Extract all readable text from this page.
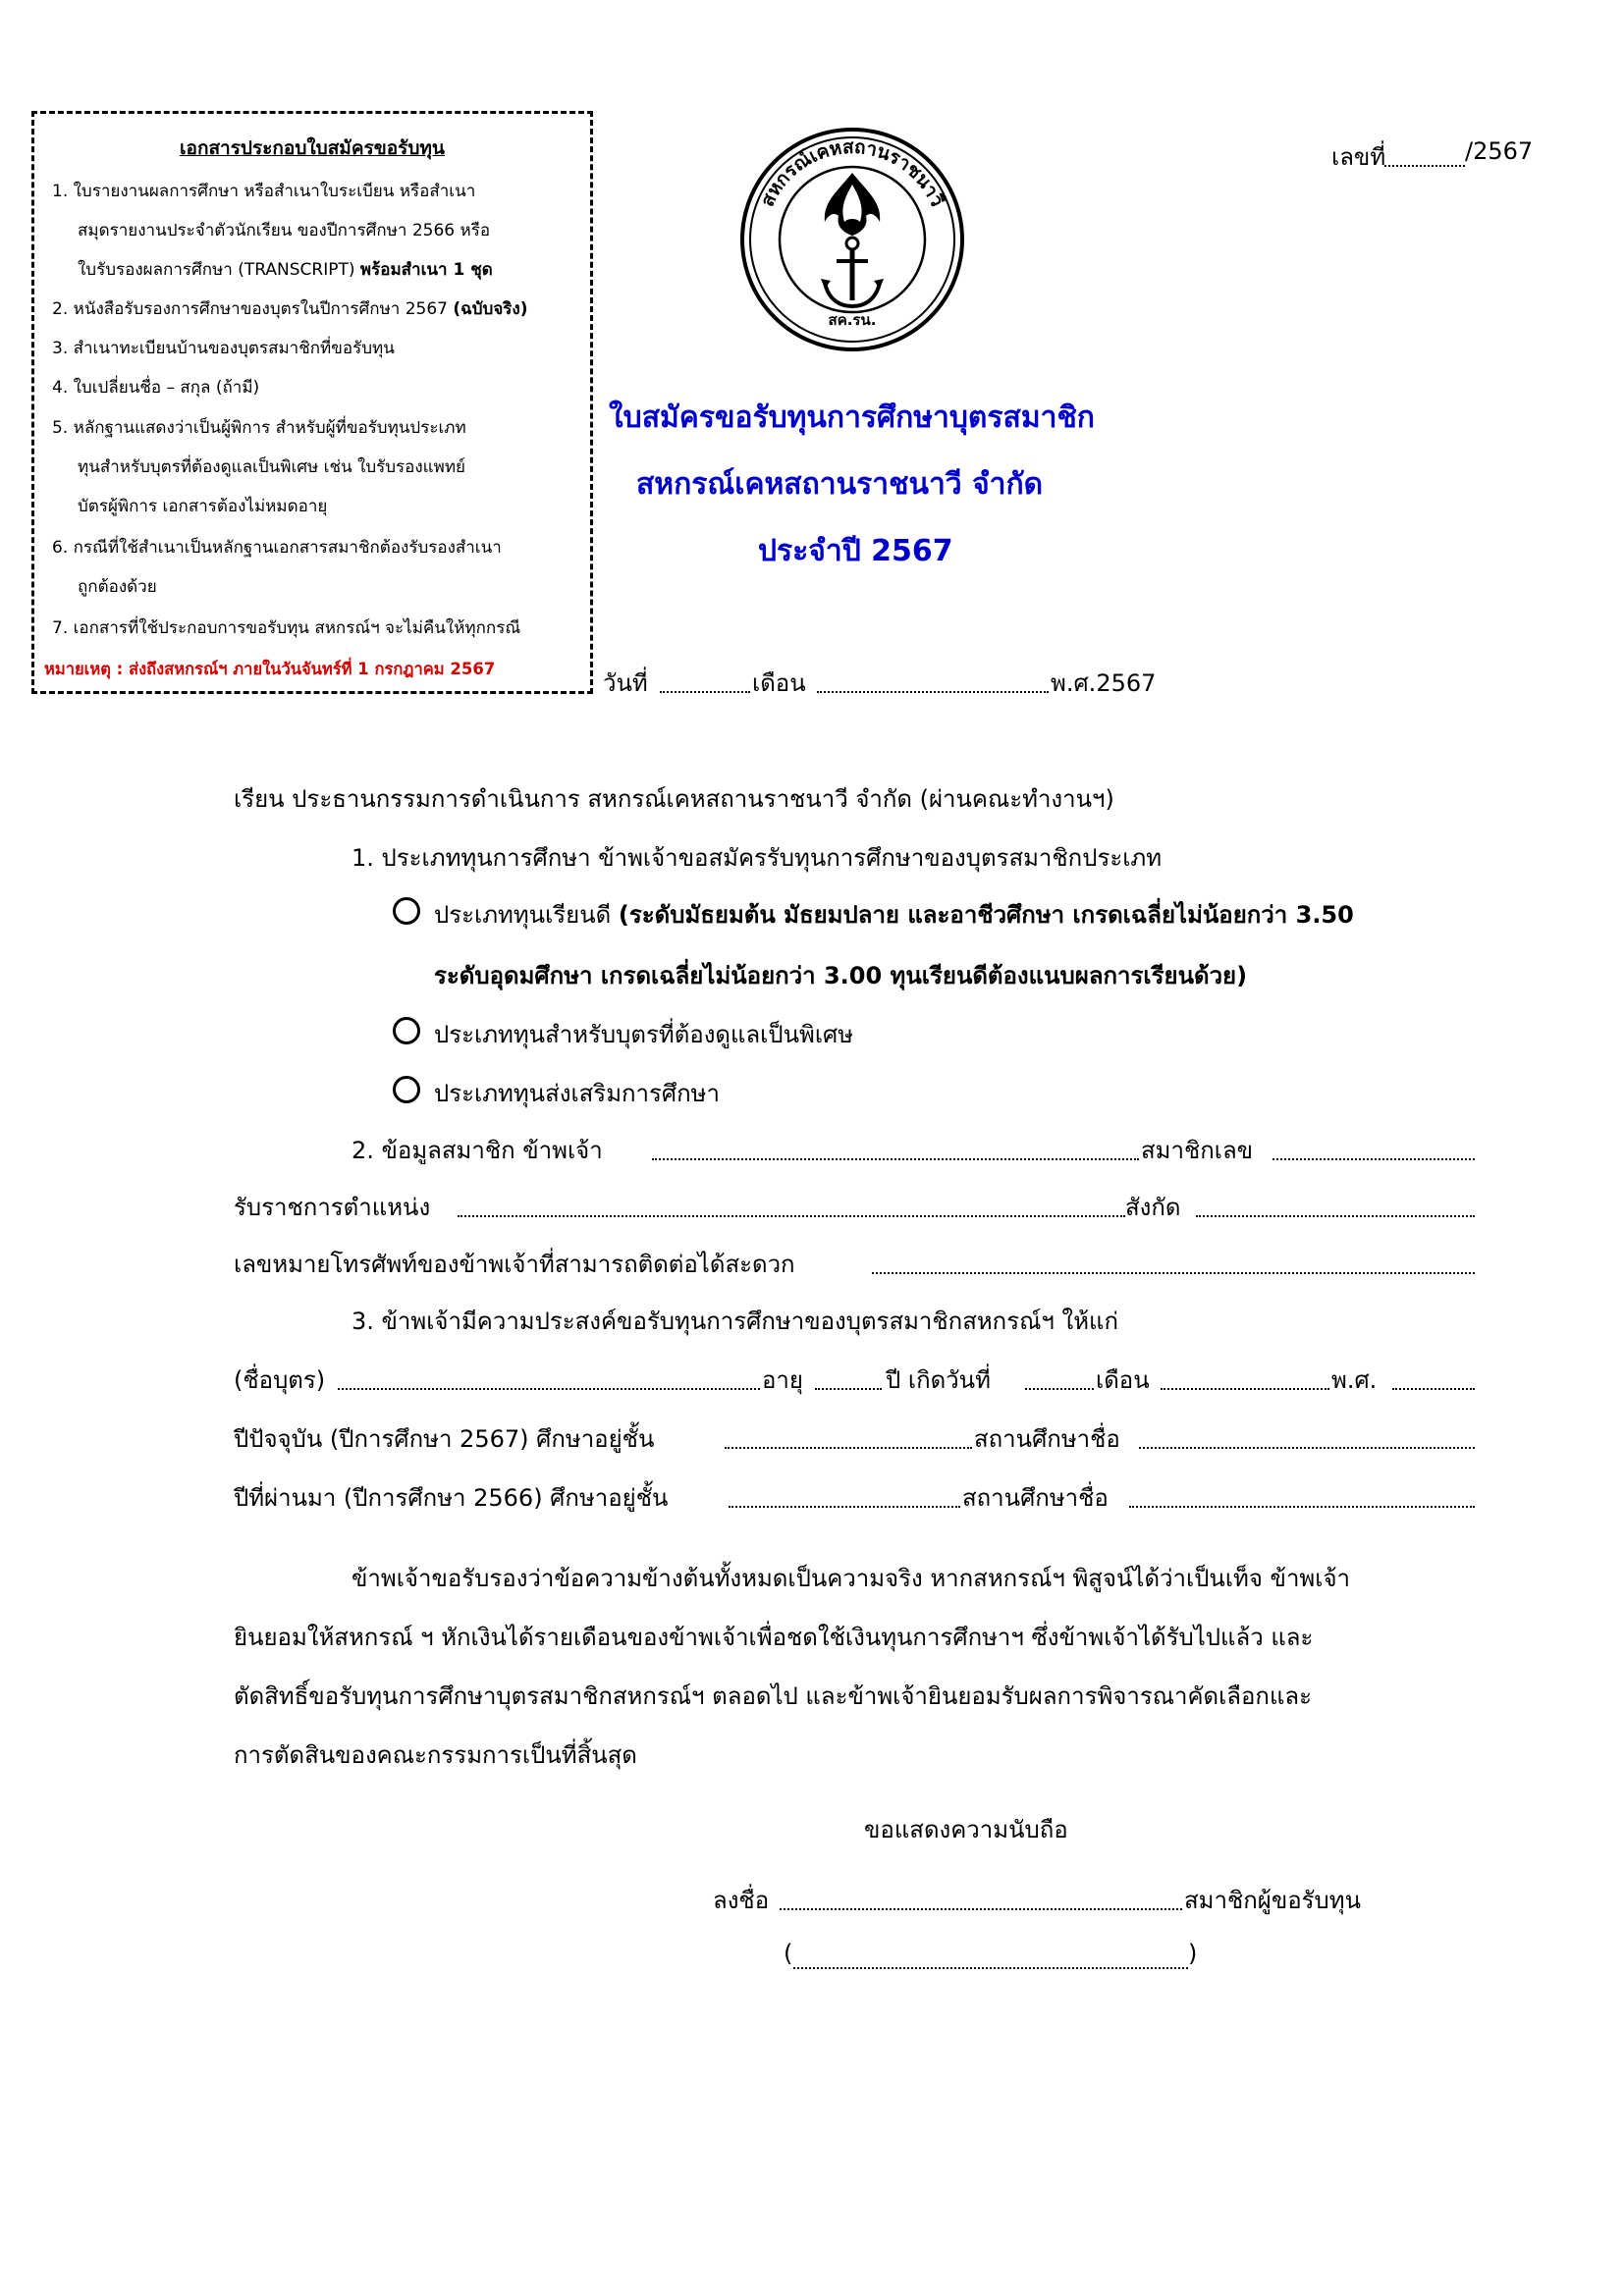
เลขที่	/2567
เอกสารประกอบใบสมัครขอรับทุน
1. ใบรายงานผลการศึกษา หรือสำเนาใบระเบียน หรือสำเนา
สมุดรายงานประจำตัวนักเรียน ของปีการศึกษา 2566 หรือ
ใบรับรองผลการศึกษา (TRANSCRIPT) พร้อมสำเนา 1 ชุด
2. หนังสือรับรองการศึกษาของบุตรในปีการศึกษา 2567 (ฉบับจริง)
3. สำเนาทะเบียนบ้านของบุตรสมาชิกที่ขอรับทุน
4. ใบเปลี่ยนชื่อ – สกุล (ถ้ามี)
5. หลักฐานแสดงว่าเป็นผู้พิการ สำหรับผู้ที่ขอรับทุนประเภท
ทุนสำหรับบุตรที่ต้องดูแลเป็นพิเศษ เช่น ใบรับรองแพทย์
บัตรผู้พิการ เอกสารต้องไม่หมดอายุ
6. กรณีที่ใช้สำเนาเป็นหลักฐานเอกสารสมาชิกต้องรับรองสำเนา
ถูกต้องด้วย
7. เอกสารที่ใช้ประกอบการขอรับทุน สหกรณ์ฯ จะไม่คืนให้ทุกกรณี
หมายเหตุ : ส่งถึงสหกรณ์ฯ ภายในวันจันทร์ที่ 1 กรกฎาคม 2567
สหกรณ์เคหสถานราชนาวี
สค.รน.
ใบสมัครขอรับทุนการศึกษาบุตรสมาชิก
สหกรณ์เคหสถานราชนาวี จำกัด
ประจำปี 2567
วันที่	เดือน	พ.ศ.2567
เรียน ประธานกรรมการดำเนินการ สหกรณ์เคหสถานราชนาวี จำกัด (ผ่านคณะทำงานฯ)
1. ประเภททุนการศึกษา ข้าพเจ้าขอสมัครรับทุนการศึกษาของบุตรสมาชิกประเภท
ประเภททุนเรียนดี (ระดับมัธยมต้น มัธยมปลาย และอาชีวศึกษา เกรดเฉลี่ยไม่น้อยกว่า 3.50
ระดับอุดมศึกษา เกรดเฉลี่ยไม่น้อยกว่า 3.00 ทุนเรียนดีต้องแนบผลการเรียนด้วย)
ประเภททุนสำหรับบุตรที่ต้องดูแลเป็นพิเศษ
ประเภททุนส่งเสริมการศึกษา
2. ข้อมูลสมาชิก ข้าพเจ้า	สมาชิกเลข
รับราชการตำแหน่ง	สังกัด
เลขหมายโทรศัพท์ของข้าพเจ้าที่สามารถติดต่อได้สะดวก
3. ข้าพเจ้ามีความประสงค์ขอรับทุนการศึกษาของบุตรสมาชิกสหกรณ์ฯ ให้แก่
(ชื่อบุตร)	อายุ	ปี เกิดวันที่	เดือน	พ.ศ.
ปีปัจจุบัน (ปีการศึกษา 2567) ศึกษาอยู่ชั้น	สถานศึกษาชื่อ
ปีที่ผ่านมา (ปีการศึกษา 2566) ศึกษาอยู่ชั้น	สถานศึกษาชื่อ
ข้าพเจ้าขอรับรองว่าข้อความข้างต้นทั้งหมดเป็นความจริง หากสหกรณ์ฯ พิสูจน์ได้ว่าเป็นเท็จ ข้าพเจ้า
ยินยอมให้สหกรณ์ ฯ หักเงินได้รายเดือนของข้าพเจ้าเพื่อชดใช้เงินทุนการศึกษาฯ ซึ่งข้าพเจ้าได้รับไปแล้ว และ
ตัดสิทธิ์ขอรับทุนการศึกษาบุตรสมาชิกสหกรณ์ฯ ตลอดไป และข้าพเจ้ายินยอมรับผลการพิจารณาคัดเลือกและ
การตัดสินของคณะกรรมการเป็นที่สิ้นสุด
ขอแสดงความนับถือ
ลงชื่อ	สมาชิกผู้ขอรับทุน
(	)
